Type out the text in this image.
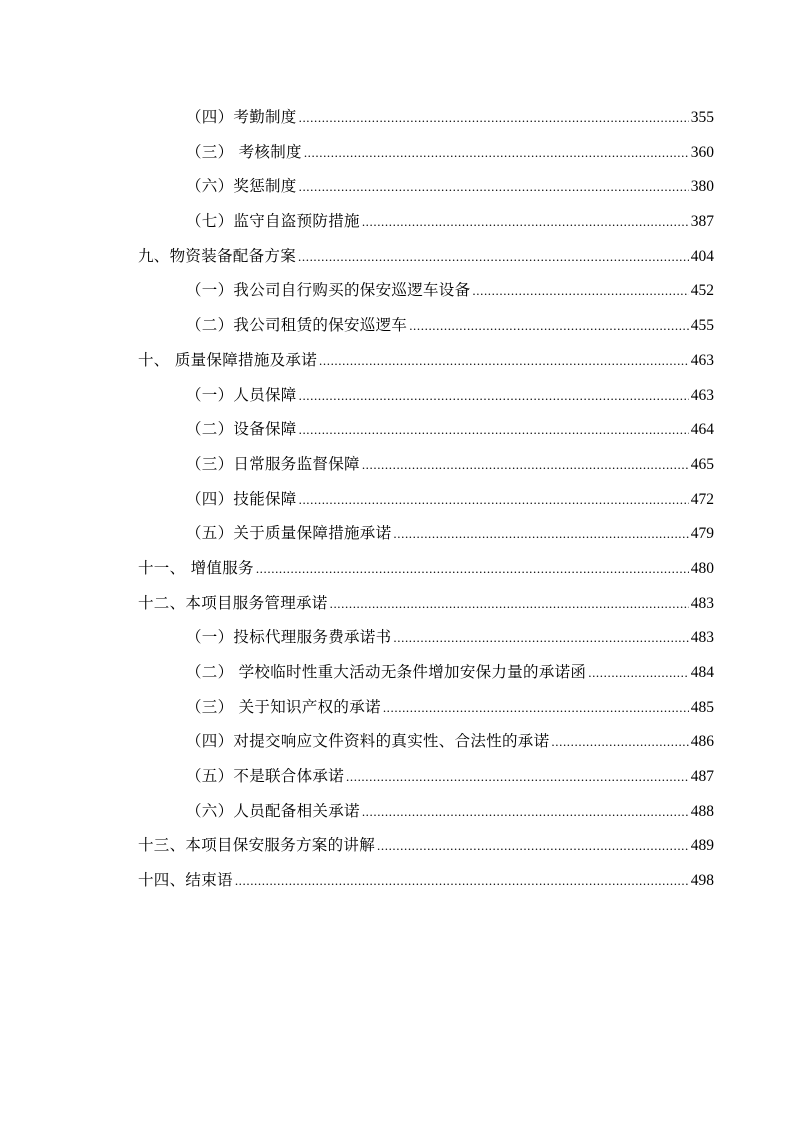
（四）考勤制度 .....	355
（三） 考核制度 .....	360
（六）奖惩制度 .....	380
（七）监守自盗预防措施 .....	387
九、物资装备配备方案 .....	404
（一）我公司自行购买的保安巡逻车设备 .....	452
（二）我公司租赁的保安巡逻车 .....	455
十、 质量保障措施及承诺 .....	463
（一）人员保障 .....	463
（二）设备保障 .....	464
（三）日常服务监督保障 .....	465
（四）技能保障 .....	472
（五）关于质量保障措施承诺 .....	479
十一、 增值服务 .....	480
十二、本项目服务管理承诺 .....	483
（一）投标代理服务费承诺书 .....	483
（二） 学校临时性重大活动无条件增加安保力量的承诺函 .....	484
（三） 关于知识产权的承诺 .....	485
（四）对提交响应文件资料的真实性、合法性的承诺 .....	486
（五）不是联合体承诺 .....	487
（六）人员配备相关承诺 .....	488
十三、本项目保安服务方案的讲解 .....	489
十四、结束语 .....	498
